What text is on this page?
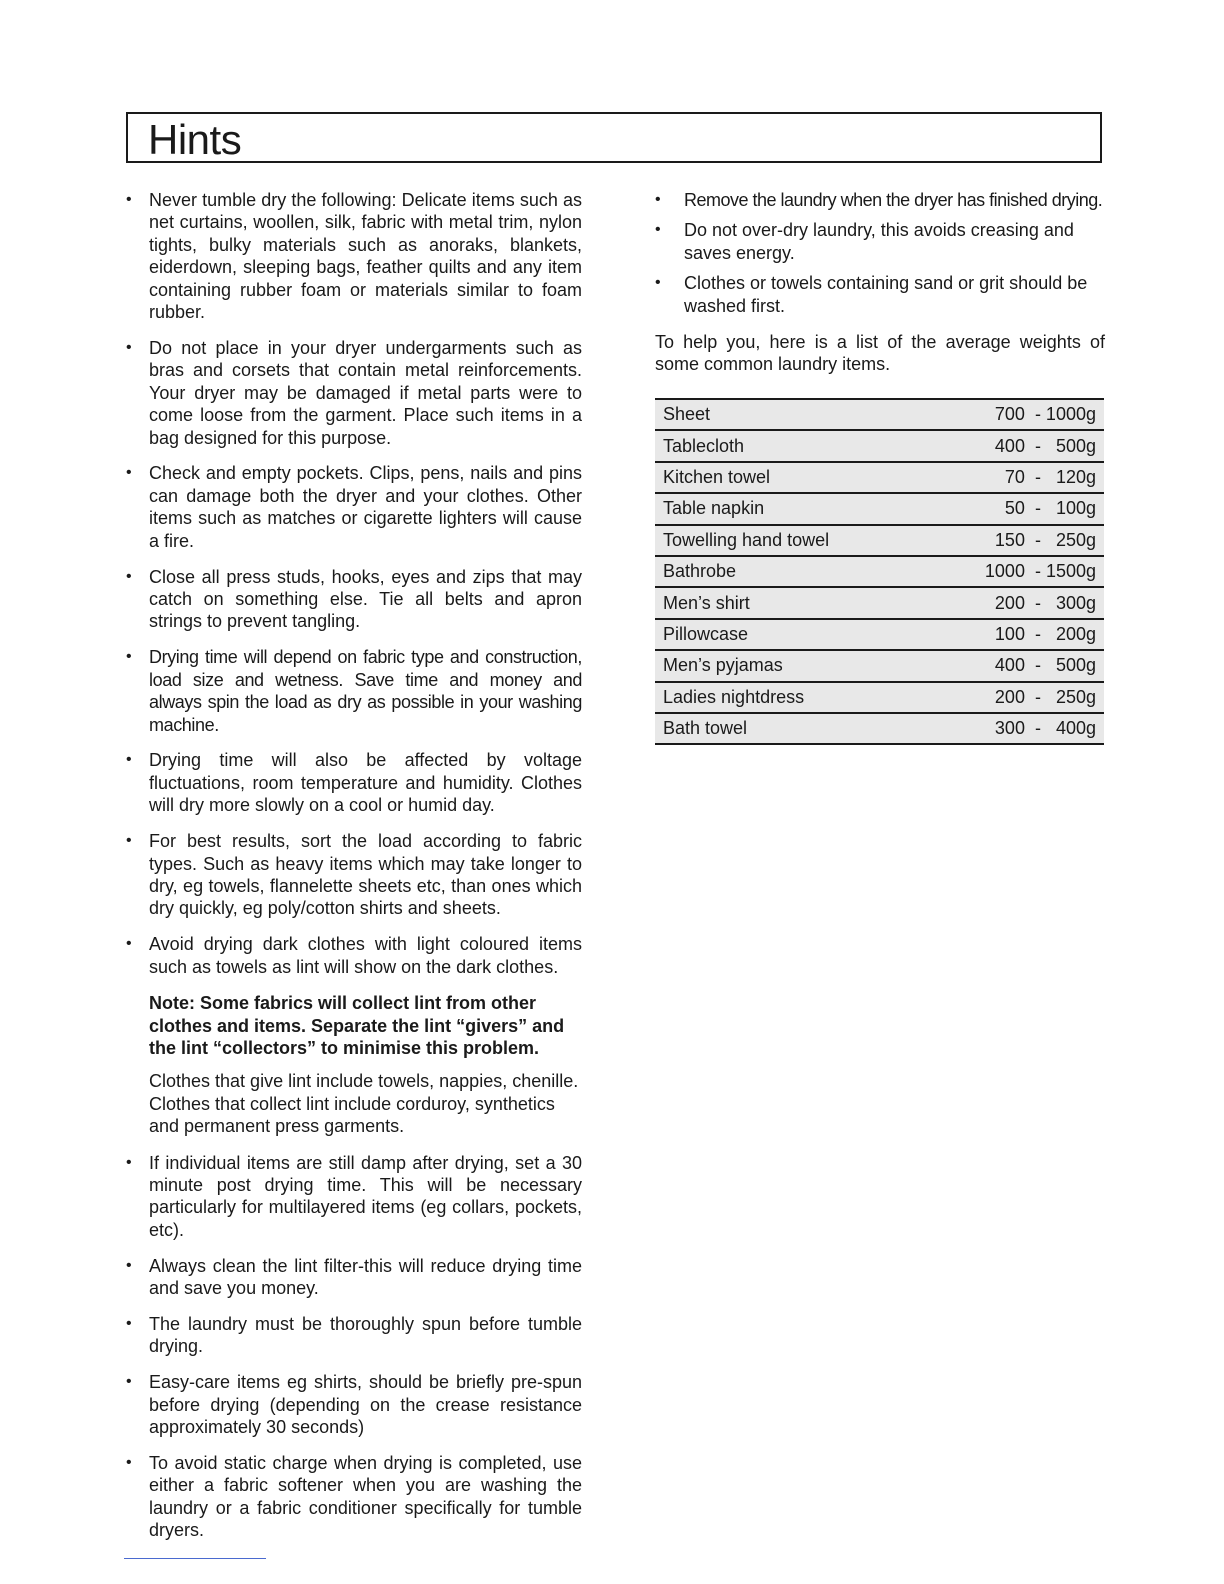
Hints
• Never tumble dry the following: Delicate items such as net curtains, woollen, silk, fabric with metal trim, nylon tights, bulky materials such as anoraks, blankets, eiderdown, sleeping bags, feather quilts and any item containing rubber foam or materials similar to foam rubber.
• Do not place in your dryer undergarments such as bras and corsets that contain metal reinforcements. Your dryer may be damaged if metal parts were to come loose from the garment. Place such items in a bag designed for this purpose.
• Check and empty pockets. Clips, pens, nails and pins can damage both the dryer and your clothes. Other items such as matches or cigarette lighters will cause a fire.
• Close all press studs, hooks, eyes and zips that may catch on something else. Tie all belts and apron strings to prevent tangling.
• Drying time will depend on fabric type and construction, load size and wetness. Save time and money and always spin the load as dry as possible in your washing machine.
• Drying time will also be affected by voltage fluctuations, room temperature and humidity. Clothes will dry more slowly on a cool or humid day.
• For best results, sort the load according to fabric types. Such as heavy items which may take longer to dry, eg towels, flannelette sheets etc, than ones which dry quickly, eg poly/cotton shirts and sheets.
• Avoid drying dark clothes with light coloured items such as towels as lint will show on the dark clothes.

Note: Some fabrics will collect lint from other clothes and items. Separate the lint “givers” and the lint “collectors” to minimise this problem.

Clothes that give lint include towels, nappies, chenille. Clothes that collect lint include corduroy, synthetics and permanent press garments.

• If individual items are still damp after drying, set a 30 minute post drying time. This will be necessary particularly for multilayered items (eg collars, pockets, etc).
• Always clean the lint filter-this will reduce drying time and save you money.
• The laundry must be thoroughly spun before tumble drying.
• Easy-care items eg shirts, should be briefly pre-spun before drying (depending on the crease resistance approximately 30 seconds)
• To avoid static charge when drying is completed, use either a fabric softener when you are washing the laundry or a fabric conditioner specifically for tumble dryers.
• Remove the laundry when the dryer has finished drying.
• Do not over-dry laundry, this avoids creasing and saves energy.
• Clothes or towels containing sand or grit should be washed first.

To help you, here is a list of the average weights of some common laundry items.

Sheet	700  - 1000g
Tablecloth	400  -   500g
Kitchen towel	70  -   120g
Table napkin	50  -   100g
Towelling hand towel	150  -   250g
Bathrobe	1000  - 1500g
Men’s shirt	200  -   300g
Pillowcase	100  -   200g
Men’s pyjamas	400  -   500g
Ladies nightdress	200  -   250g
Bath towel	300  -   400g
